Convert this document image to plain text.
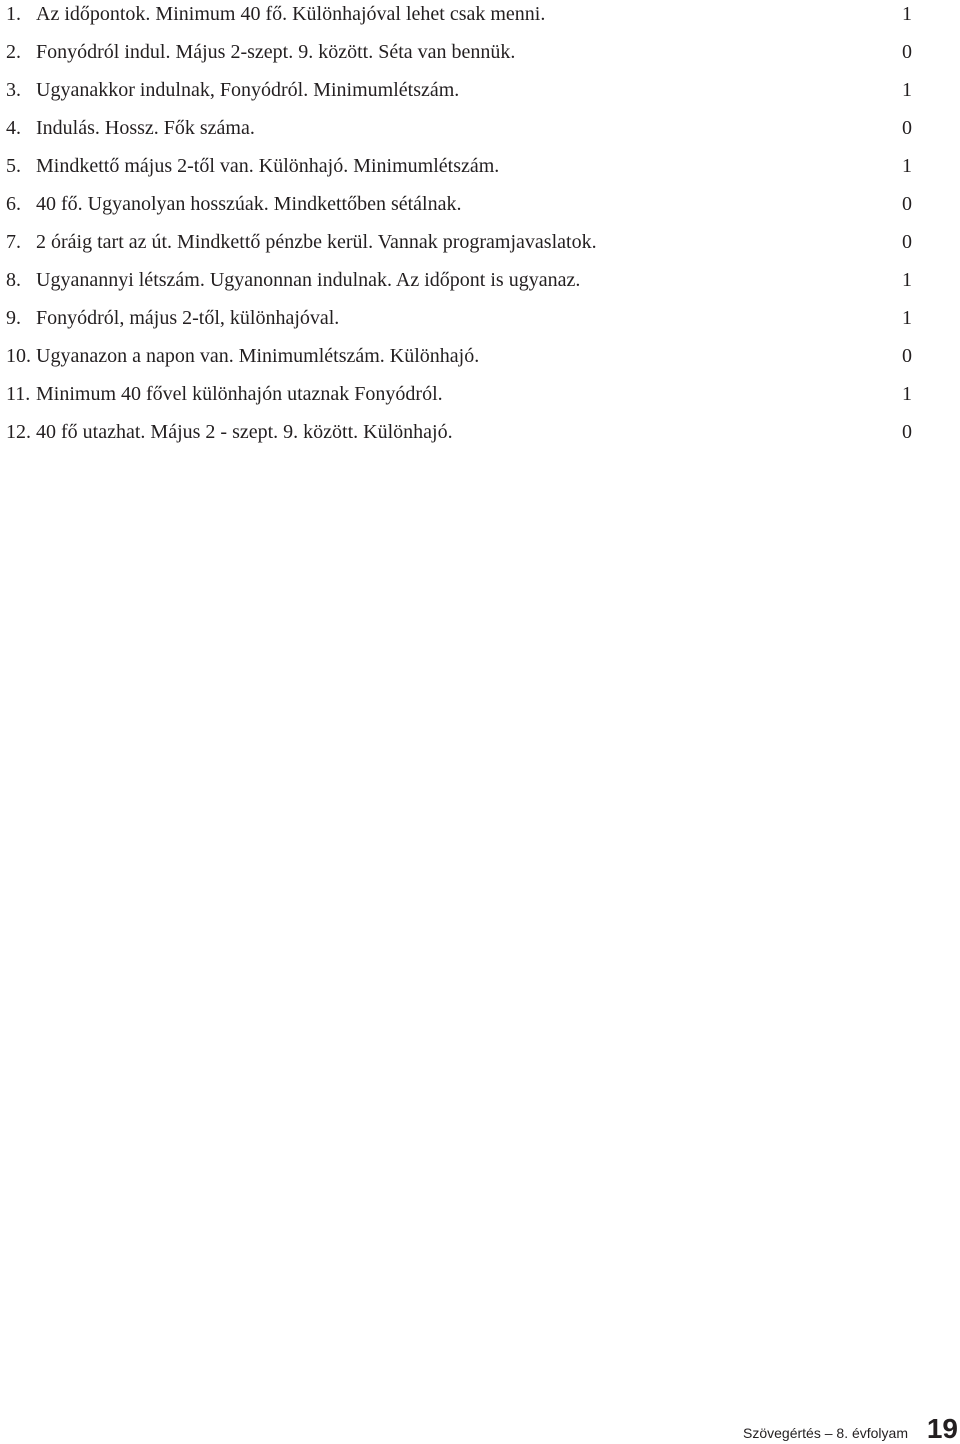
1. Az időpontok. Minimum 40 fő. Különhajóval lehet csak menni.	1
2. Fonyódról indul. Május 2-szept. 9. között. Séta van bennük.	0
3. Ugyanakkor indulnak, Fonyódról. Minimumlétszám.	1
4. Indulás. Hossz. Fők száma.	0
5. Mindkettő május 2-től van. Különhajó. Minimumlétszám.	1
6. 40 fő. Ugyanolyan hosszúak. Mindkettőben sétálnak.	0
7. 2 óráig tart az út. Mindkettő pénzbe kerül. Vannak programjavaslatok.	0
8. Ugyanannyi létszám. Ugyanonnan indulnak. Az időpont is ugyanaz.	1
9. Fonyódról, május 2-től, különhajóval.	1
10. Ugyanazon a napon van. Minimumlétszám. Különhajó.	0
11. Minimum 40 fővel különhajón utaznak Fonyódról.	1
12. 40 fő utazhat. Május 2 - szept. 9. között. Különhajó.	0
Szövegértés – 8. évfolyam 19
